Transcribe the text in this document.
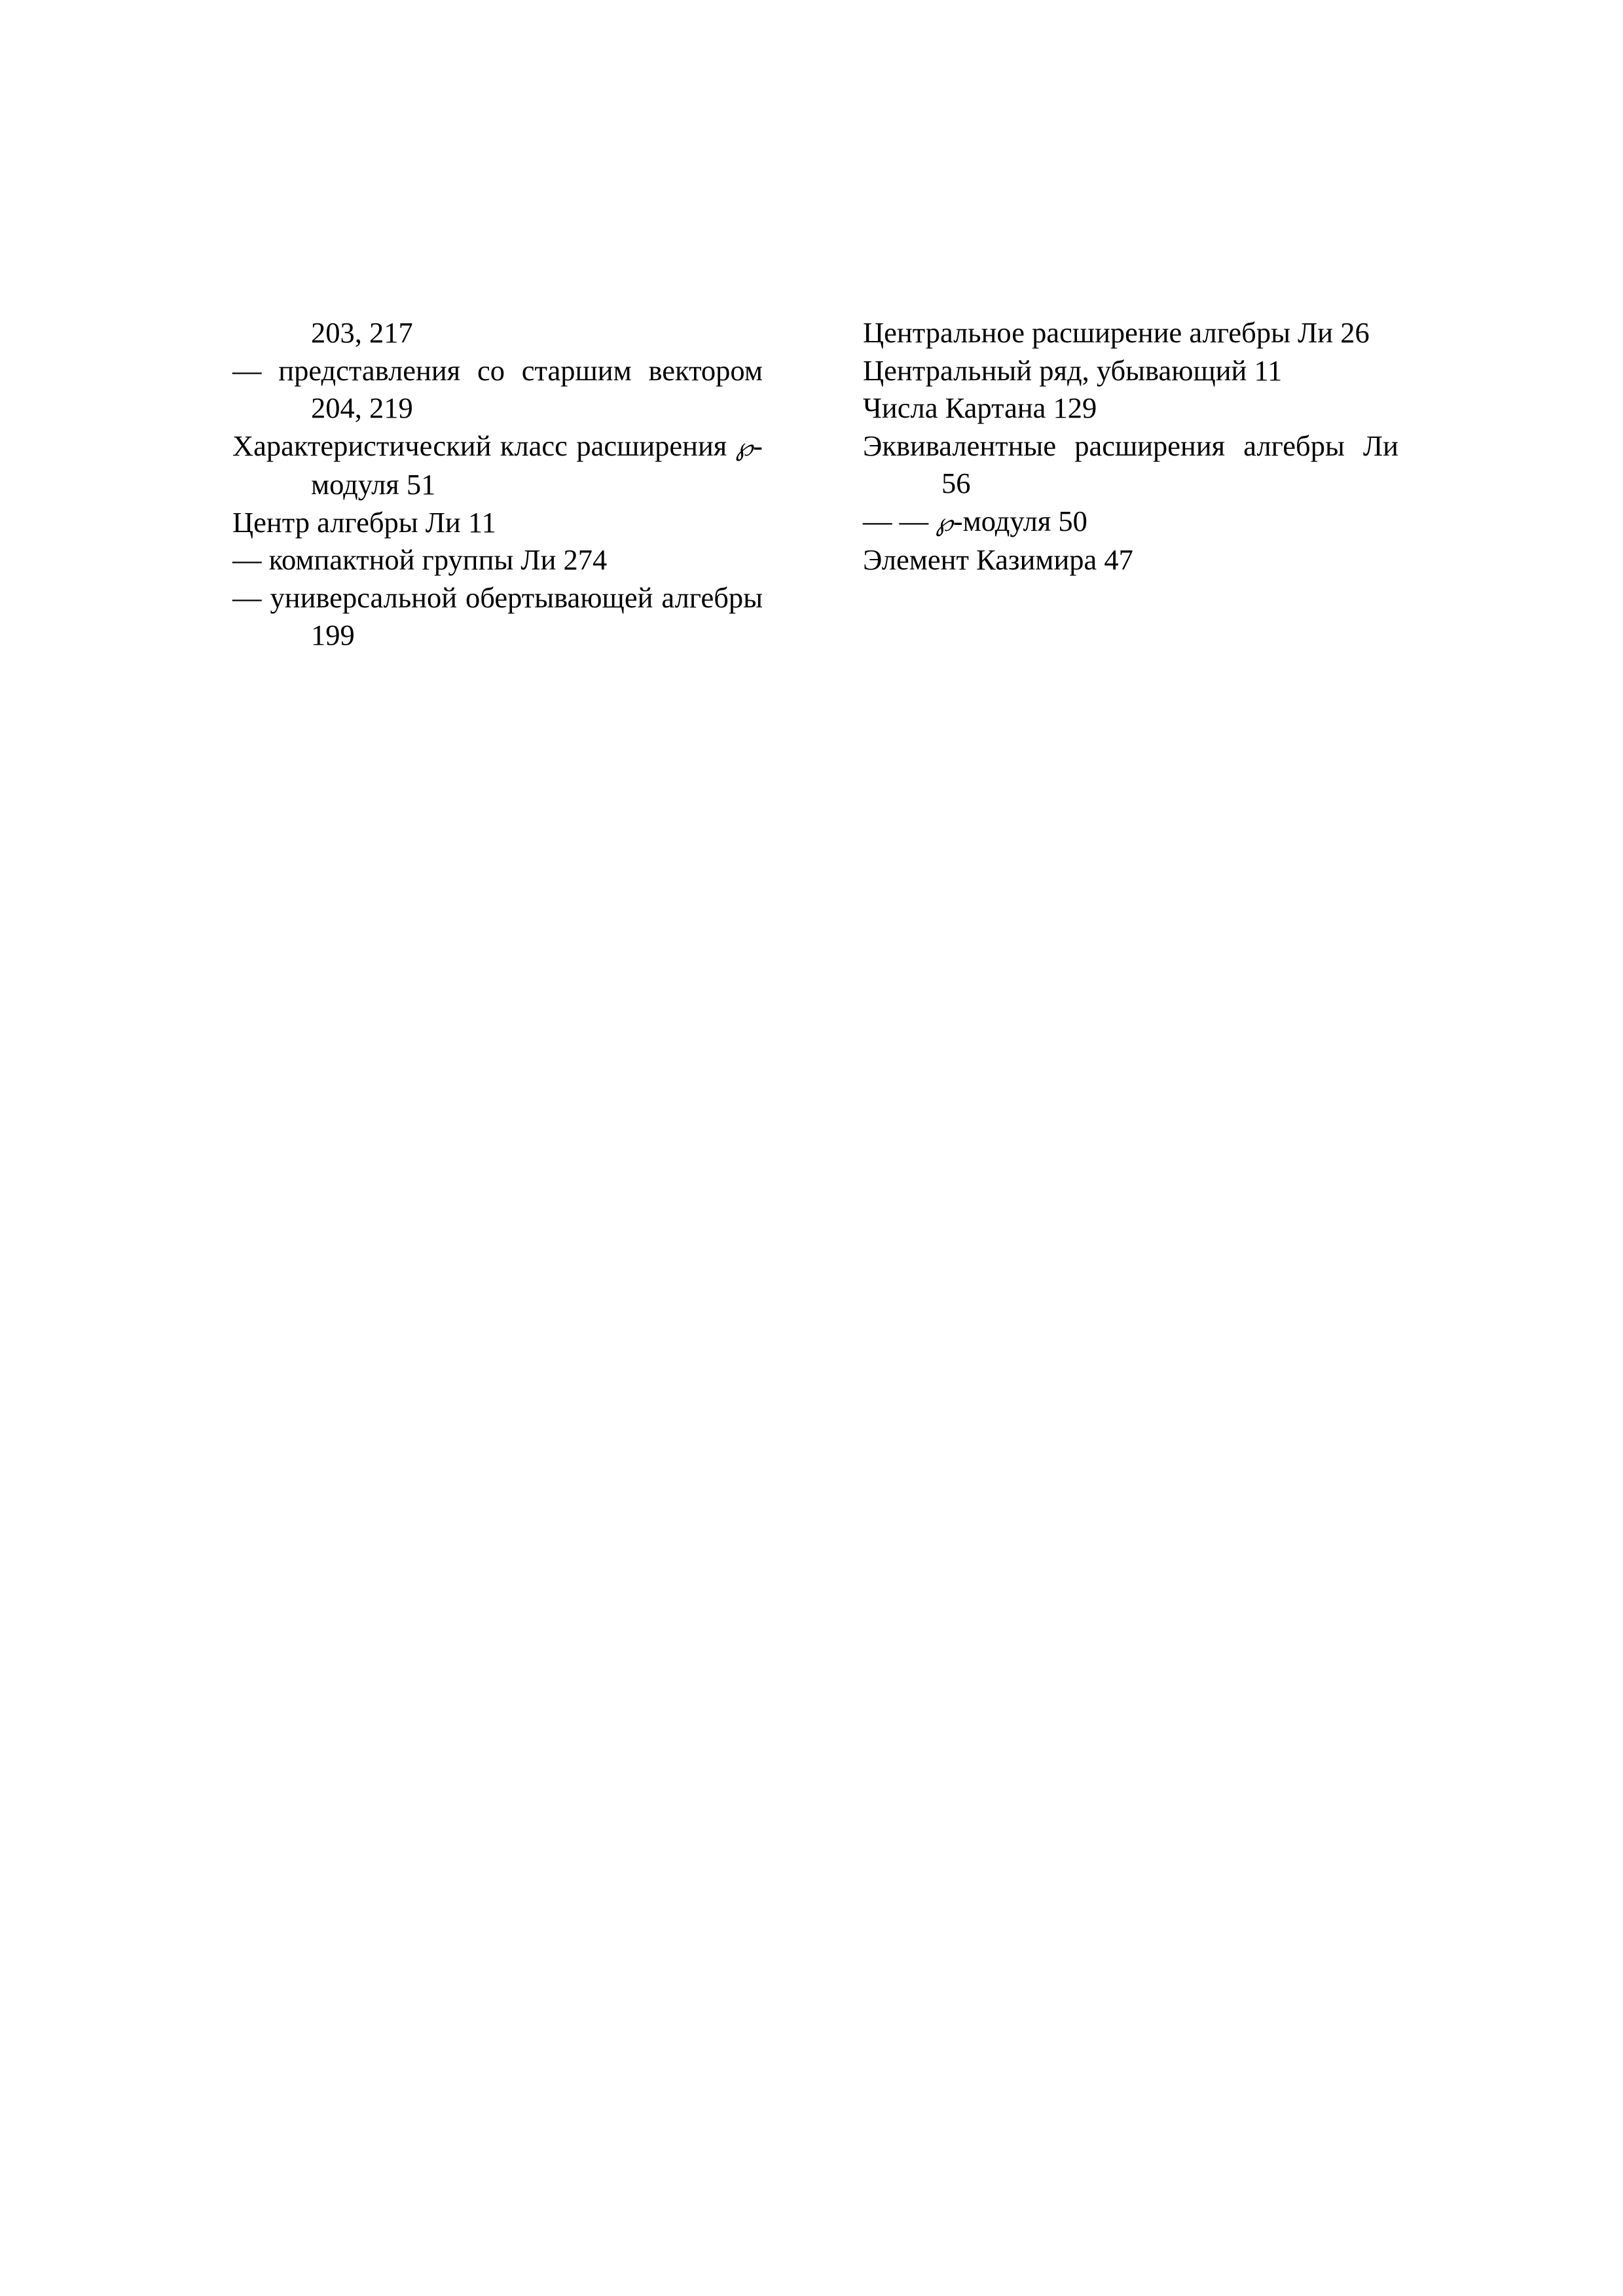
203, 217
— представления со старшим вектором 204, 219
Характеристический класс расширения ℘-модуля 51
Центр алгебры Ли 11
— компактной группы Ли 274
— универсальной обертывающей алгебры 199
Центральное расширение алгебры Ли 26
Центральный ряд, убывающий 11
Числа Картана 129
Эквивалентные расширения алгебры Ли 56
— — ℘-модуля 50
Элемент Казимира 47
